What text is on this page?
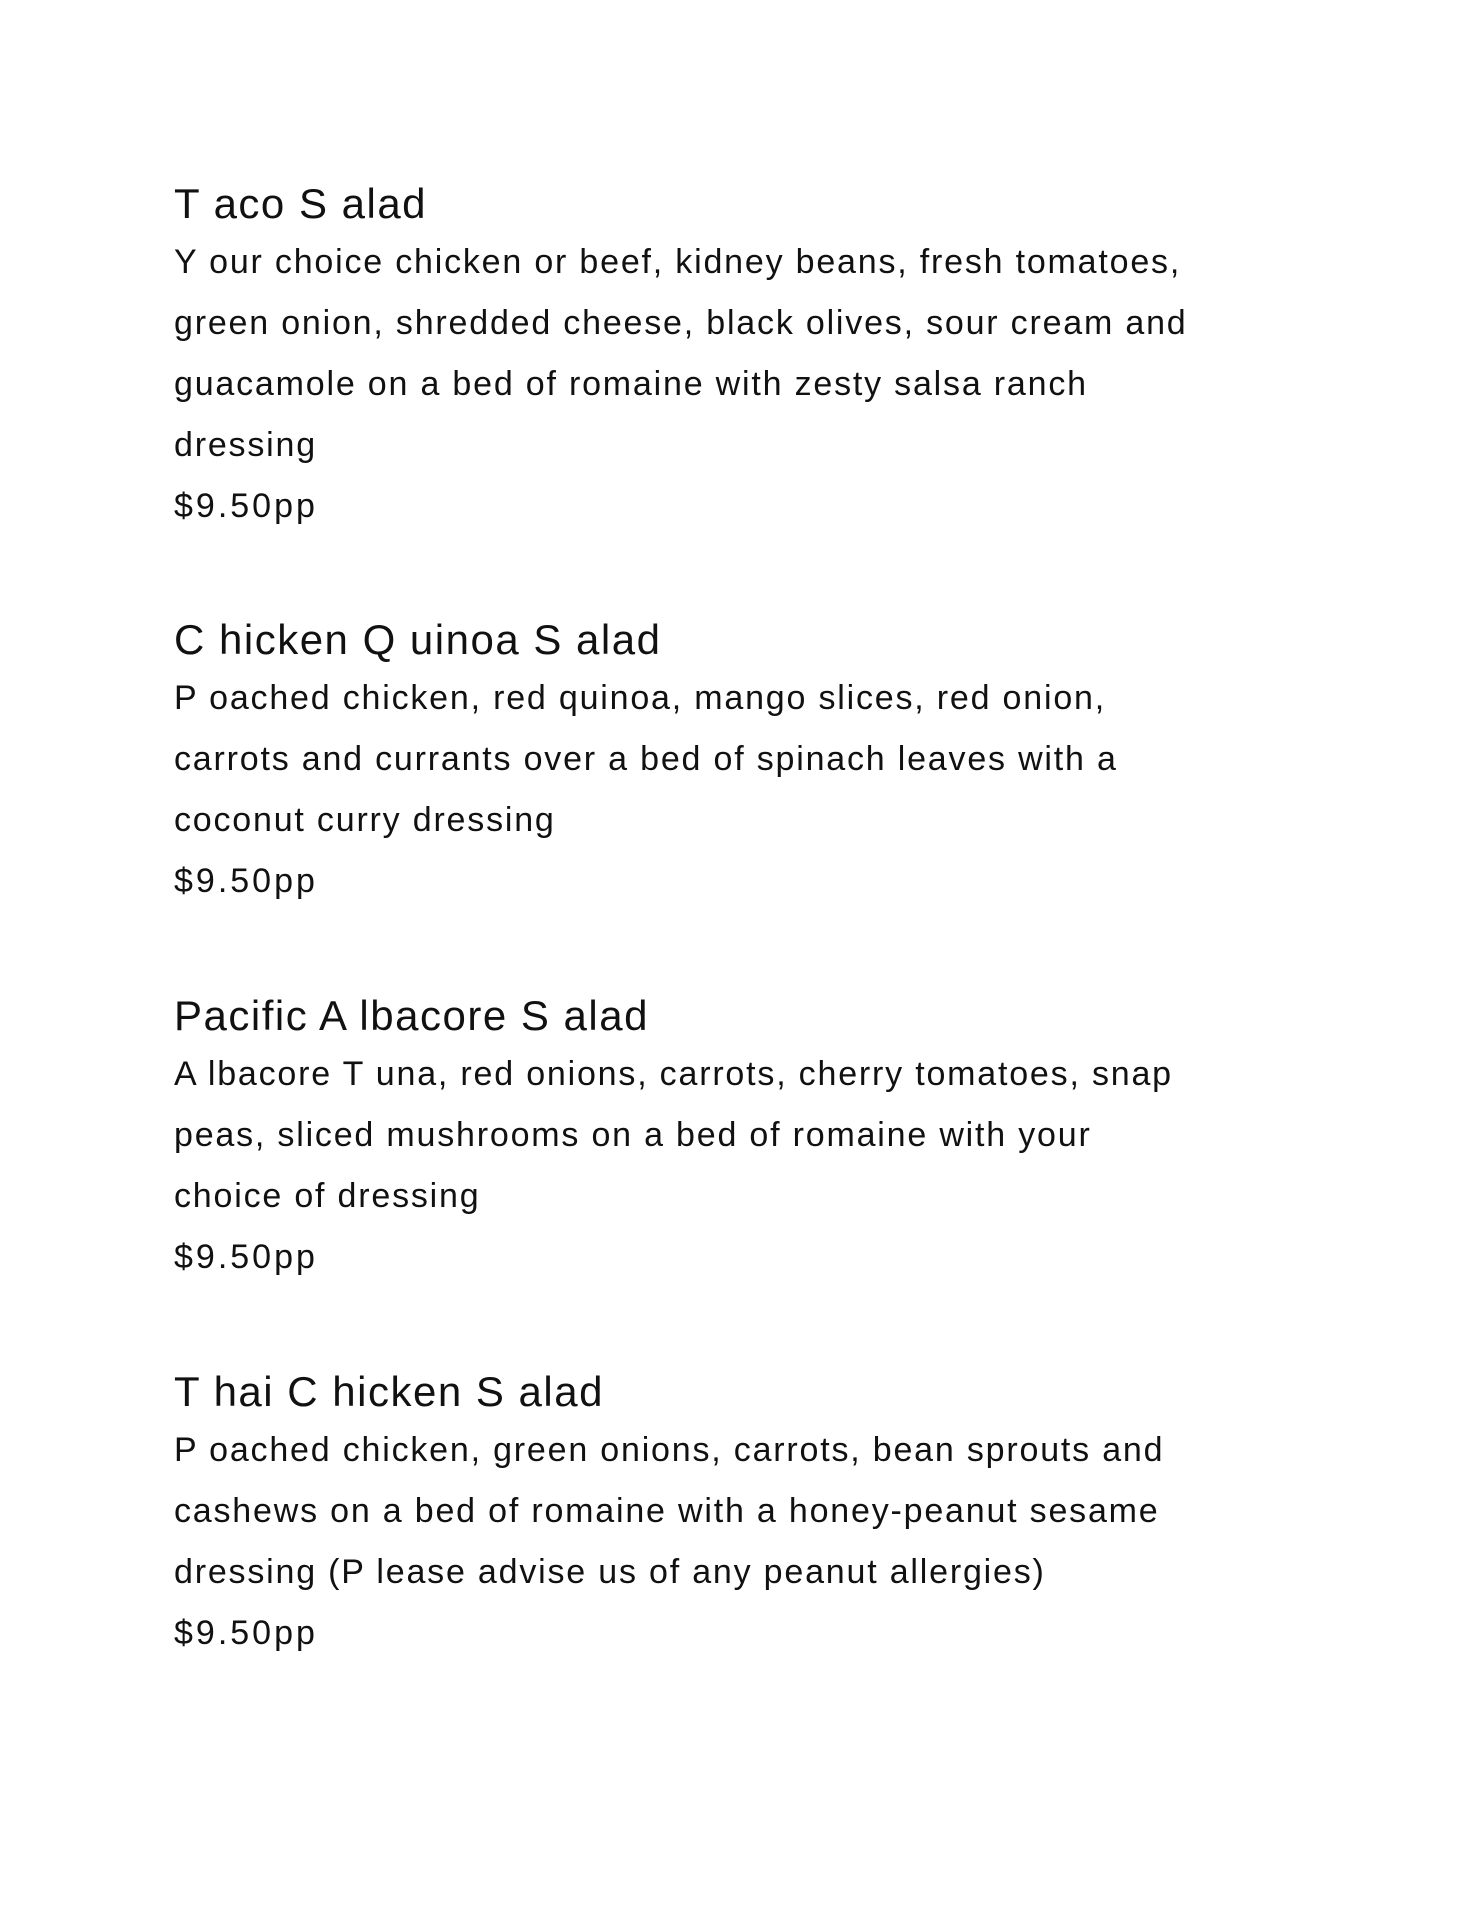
T aco S alad

Y our choice chicken or beef, kidney beans, fresh tomatoes,

green onion, shredded cheese, black olives, sour cream and

guacamole on a bed of romaine with zesty salsa ranch

dressing

$9.50pp

C hicken Q uinoa S alad

P oached chicken, red quinoa, mango slices, red onion,

carrots and currants over a bed of spinach leaves with a

coconut curry dressing

$9.50pp

Pacific A lbacore S alad

A lbacore T una, red onions, carrots, cherry tomatoes, snap

peas, sliced mushrooms on a bed of romaine with your

choice of dressing

$9.50pp

T hai C hicken S alad

P oached chicken, green onions, carrots, bean sprouts and

cashews on a bed of romaine with a honey-peanut sesame

dressing (P lease advise us of any peanut allergies)

$9.50pp
